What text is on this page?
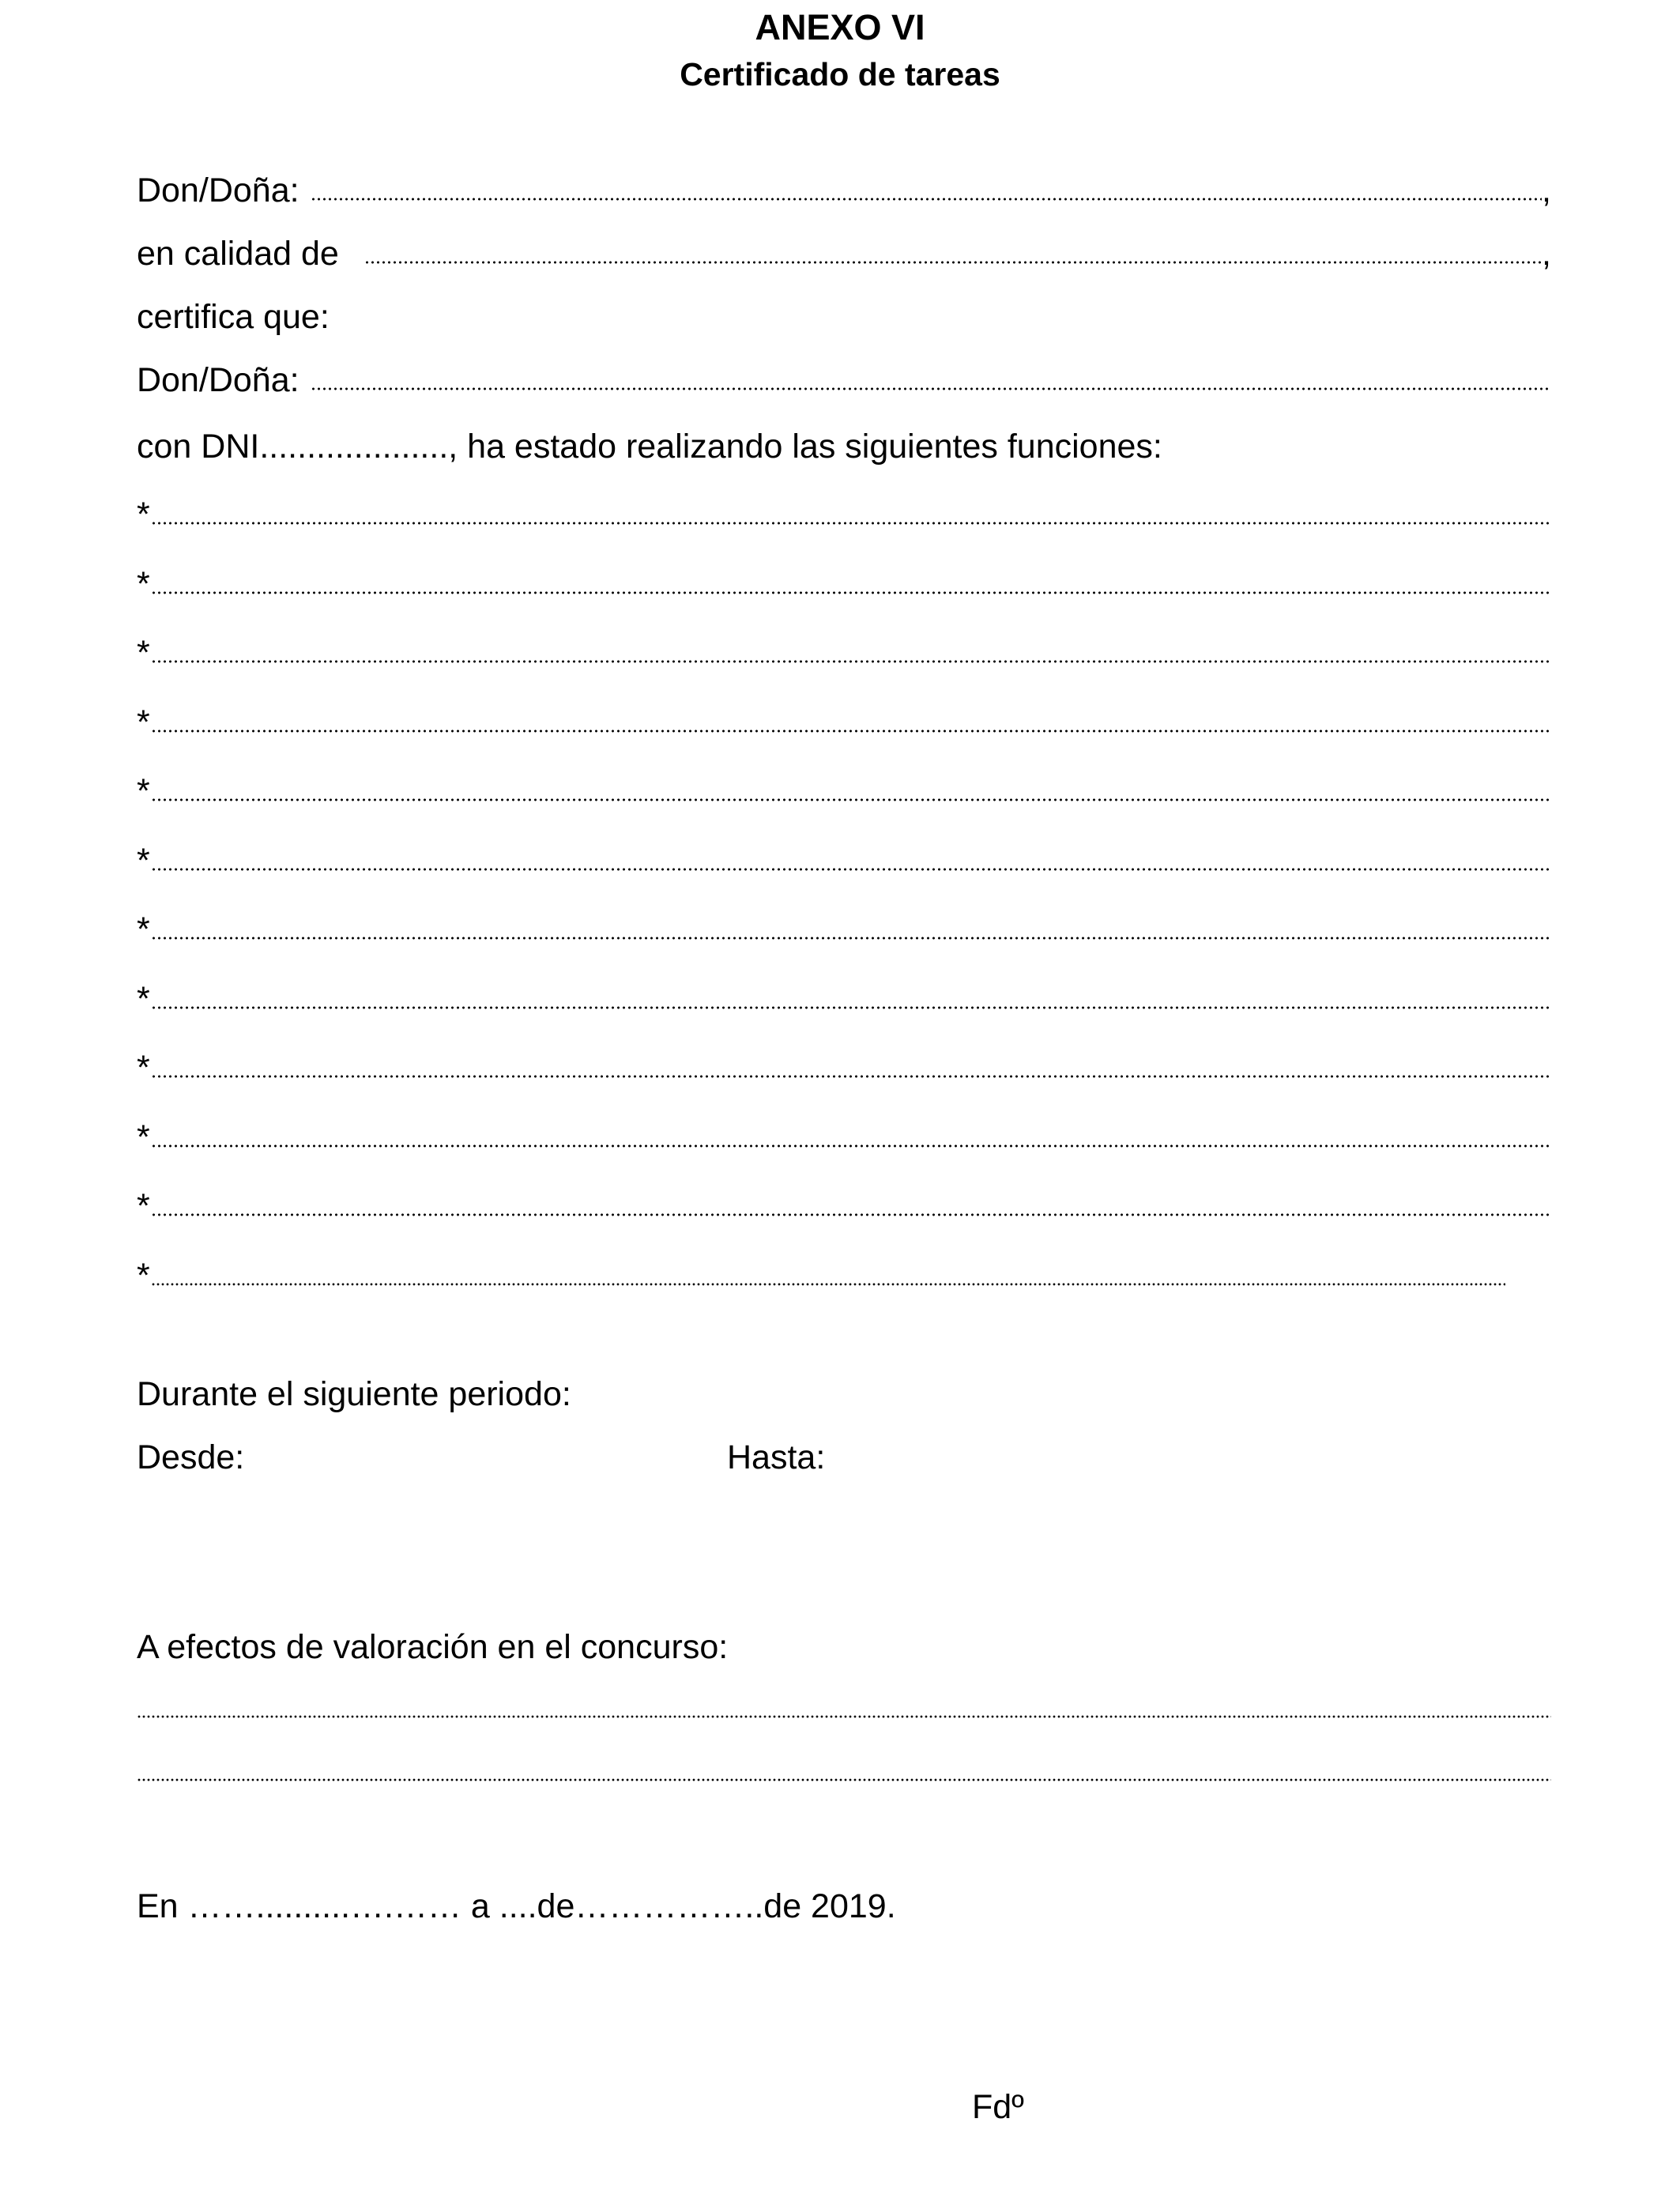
ANEXO VI
Certificado de tareas
Don/Doña:	,
en calidad de	,
certifica que:
Don/Doña:
con DNI...................., ha estado realizando las siguientes funciones:
*
*
*
*
*
*
*
*
*
*
*
*
Durante el siguiente periodo:
Desde:	Hasta:
A efectos de valoración en el concurso:
En ……..........….…… a ....de……………..de 2019.
Fdº
